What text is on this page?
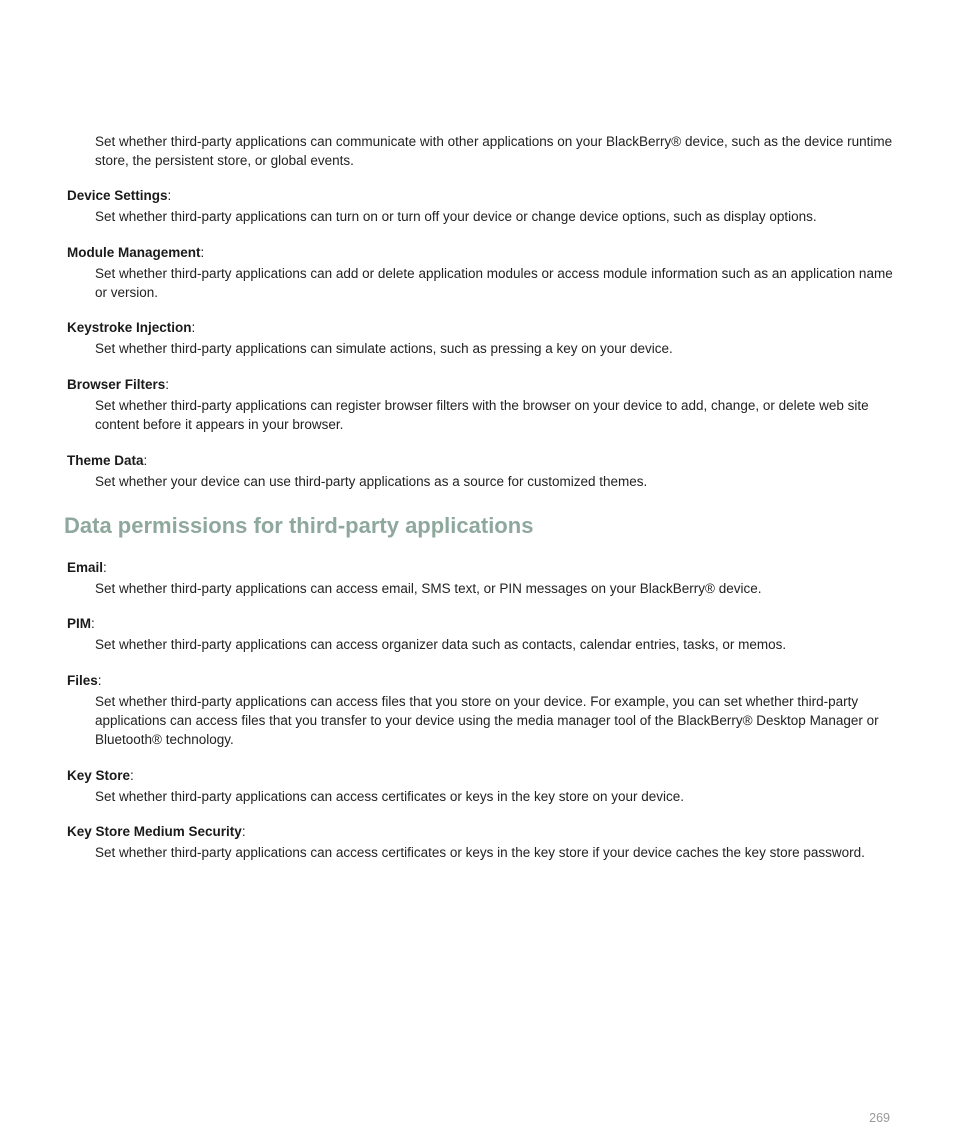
Set whether third-party applications can communicate with other applications on your BlackBerry® device, such as the device runtime store, the persistent store, or global events.
Device Settings:
Set whether third-party applications can turn on or turn off your device or change device options, such as display options.
Module Management:
Set whether third-party applications can add or delete application modules or access module information such as an application name or version.
Keystroke Injection:
Set whether third-party applications can simulate actions, such as pressing a key on your device.
Browser Filters:
Set whether third-party applications can register browser filters with the browser on your device to add, change, or delete web site content before it appears in your browser.
Theme Data:
Set whether your device can use third-party applications as a source for customized themes.
Data permissions for third-party applications
Email:
Set whether third-party applications can access email, SMS text, or PIN messages on your BlackBerry® device.
PIM:
Set whether third-party applications can access organizer data such as contacts, calendar entries, tasks, or memos.
Files:
Set whether third-party applications can access files that you store on your device. For example, you can set whether third-party applications can access files that you transfer to your device using the media manager tool of the BlackBerry® Desktop Manager or Bluetooth® technology.
Key Store:
Set whether third-party applications can access certificates or keys in the key store on your device.
Key Store Medium Security:
Set whether third-party applications can access certificates or keys in the key store if your device caches the key store password.
269
